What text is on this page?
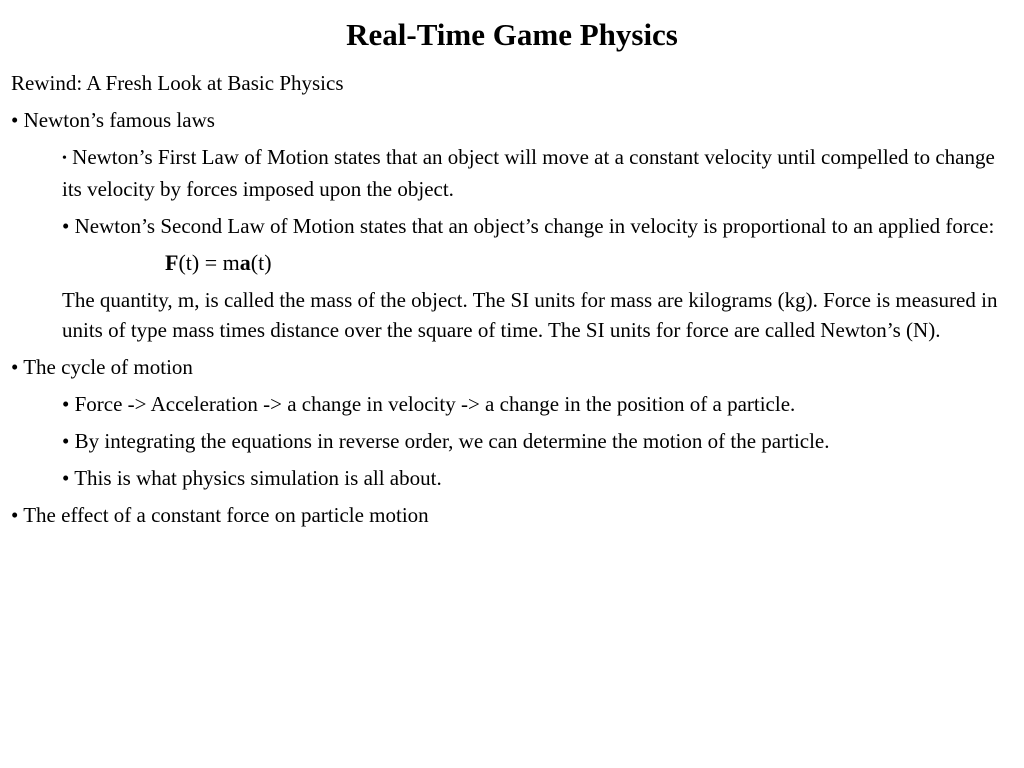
Real-Time Game Physics
Rewind: A Fresh Look at Basic Physics
• Newton’s famous laws
• Newton’s First Law of Motion states that an object will move at a constant velocity until compelled to change its velocity by forces imposed upon the object.
• Newton’s Second Law of Motion states that an object’s change in velocity is proportional to an applied force:
F(t) = ma(t)
The quantity, m, is called the mass of the object. The SI units for mass are kilograms (kg). Force is measured in units of type mass times distance over the square of time. The SI units for force are called Newton’s (N).
• The cycle of motion
• Force -> Acceleration -> a change in velocity -> a change in the position of a particle.
• By integrating the equations in reverse order, we can determine the motion of the particle.
• This is what physics simulation is all about.
• The effect of a constant force on particle motion
